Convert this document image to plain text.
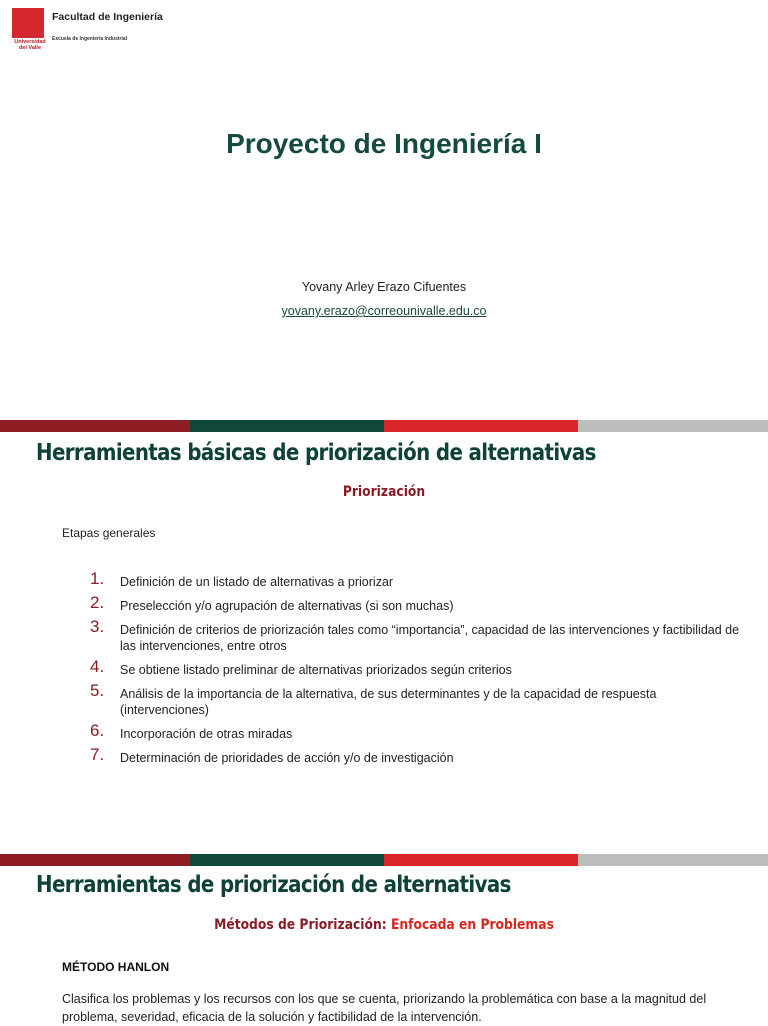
Universidad del Valle
Facultad de Ingeniería
Escuela de Ingeniería Industrial
Proyecto de Ingeniería I
Yovany Arley Erazo Cifuentes
yovany.erazo@correounivalle.edu.co
Herramientas básicas de priorización de alternativas
Priorización
Etapas generales
1.	Definición de un listado de alternativas a priorizar
2.	Preselección y/o agrupación de alternativas (si son muchas)
3.	Definición de criterios de priorización tales como “importancia”, capacidad de las intervenciones y factibilidad de las intervenciones, entre otros
4.	Se obtiene listado preliminar de alternativas priorizados según criterios
5.	Análisis de la importancia de la alternativa, de sus determinantes y de la capacidad de respuesta (intervenciones)
6.	Incorporación de otras miradas
7.	Determinación de prioridades de acción y/o de investigación
Herramientas de priorización de alternativas
Métodos de Priorización: Enfocada en Problemas
MÉTODO HANLON
Clasifica los problemas y los recursos con los que se cuenta, priorizando la problemática con base a la magnitud del problema, severidad, eficacia de la solución y factibilidad de la intervención.
